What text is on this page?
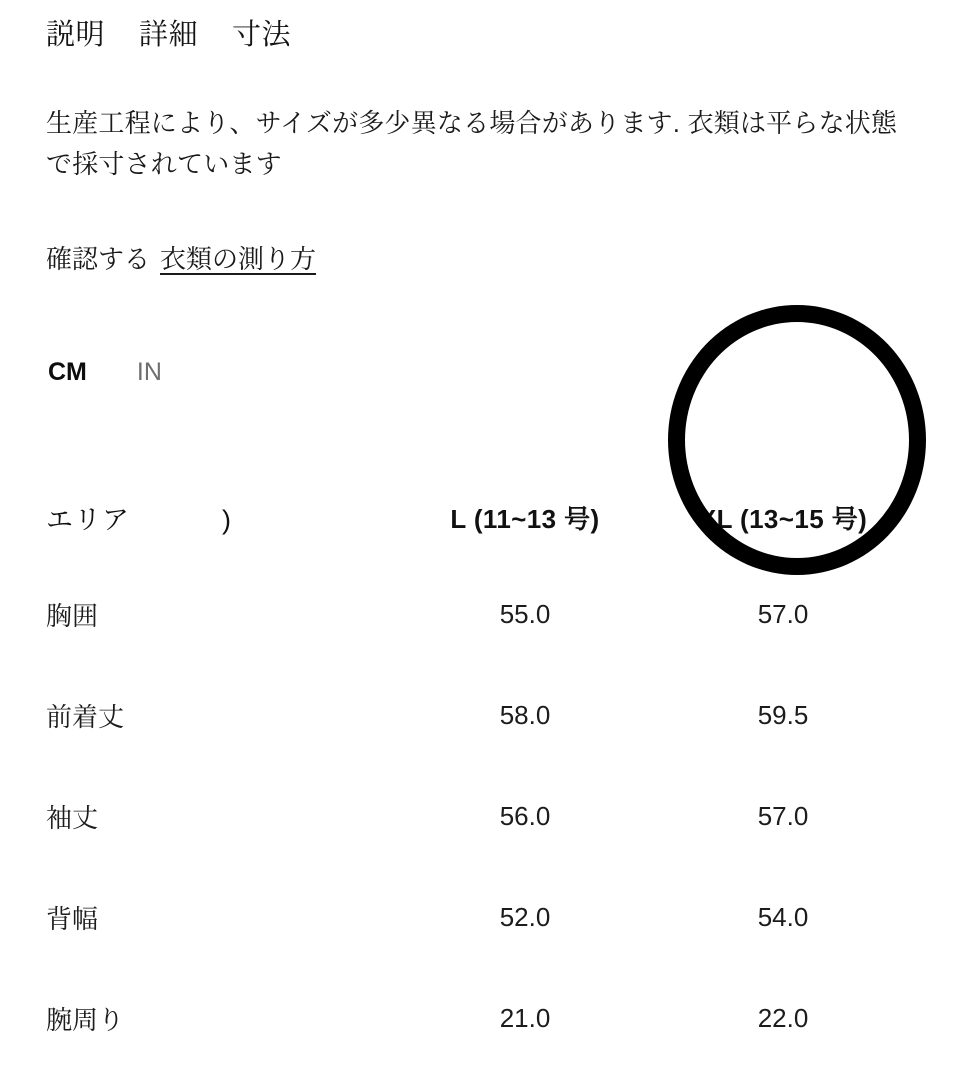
説明 詳細 寸法
生産工程により、サイズが多少異なる場合があります. 衣類は平らな状態で採寸されています
確認する 衣類の測り方
CM IN
エリア )	L (11~13 号)	XL (13~15 号)
胸囲	55.0	57.0
前着丈	58.0	59.5
袖丈	56.0	57.0
背幅	52.0	54.0
腕周り	21.0	22.0
